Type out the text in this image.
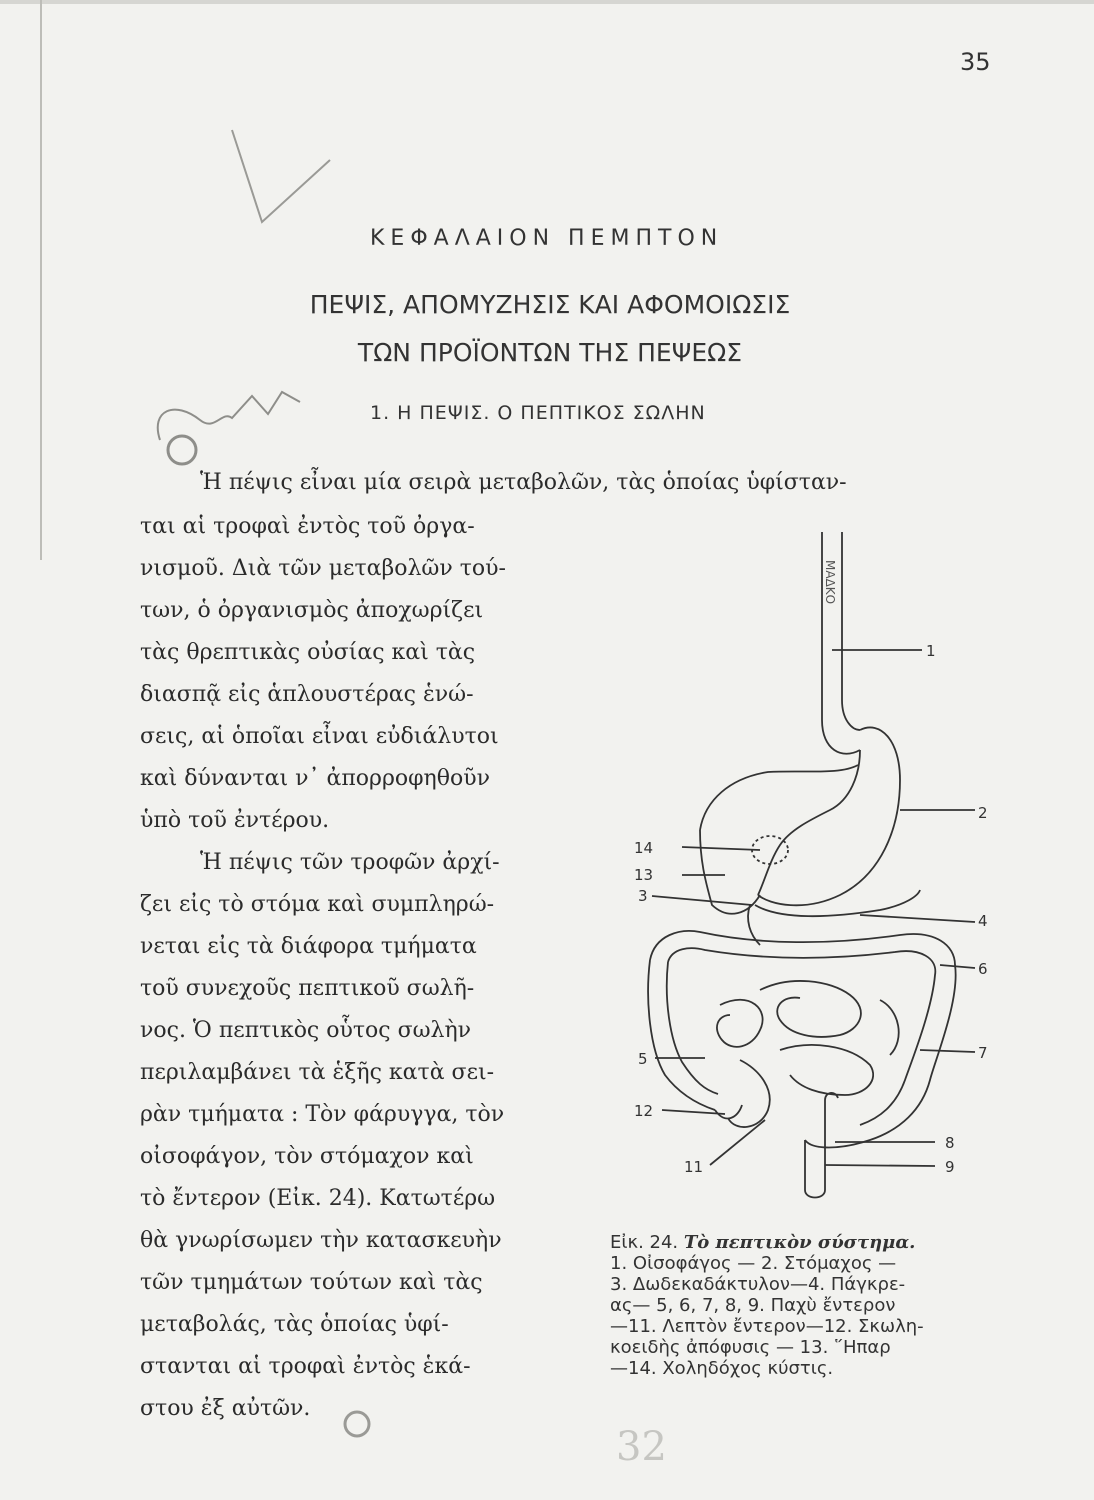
35
ΚΕΦΑΛΑΙΟΝ ΠΕΜΠΤΟΝ
ΠΕΨΙΣ, ΑΠΟΜΥΖΗΣΙΣ ΚΑΙ ΑΦΟΜΟΙΩΣΙΣ
ΤΩΝ ΠΡΟΪΟΝΤΩΝ ΤΗΣ ΠΕΨΕΩΣ
1. Η ΠΕΨΙΣ. Ο ΠΕΠΤΙΚΟΣ ΣΩΛΗΝ
Ἡ πέψις εἶναι μία σειρὰ μεταβολῶν, τὰς ὁποίας ὑφίσταν-
ται αἱ τροφαὶ ἐντὸς τοῦ ὀργα-
νισμοῦ. Διὰ τῶν μεταβολῶν τού-
των, ὁ ὀργανισμὸς ἀποχωρίζει
τὰς θρεπτικὰς οὐσίας καὶ τὰς
διασπᾷ εἰς ἁπλουστέρας ἑνώ-
σεις, αἱ ὁποῖαι εἶναι εὐδιάλυτοι
καὶ δύνανται ν᾽ ἀπορροφηθοῦν
ὑπὸ τοῦ ἐντέρου.
Ἡ πέψις τῶν τροφῶν ἀρχί-
ζει εἰς τὸ στόμα καὶ συμπληρώ-
νεται εἰς τὰ διάφορα τμήματα
τοῦ συνεχοῦς πεπτικοῦ σωλῆ-
νος. Ὁ πεπτικὸς οὗτος σωλὴν
περιλαμβάνει τὰ ἑξῆς κατὰ σει-
ρὰν τμήματα : Τὸν φάρυγγα, τὸν
οἰσοφάγον, τὸν στόμαχον καὶ
τὸ ἔντερον (Εἰκ. 24). Κατωτέρω
θὰ γνωρίσωμεν τὴν κατασκευὴν
τῶν τμημάτων τούτων καὶ τὰς
μεταβολάς, τὰς ὁποίας ὑφί-
στανται αἱ τροφαὶ ἐντὸς ἑκά-
στου ἐξ αὐτῶν.
32
ΜΑΔΚΟ
1
2
3
4
5
6
7
8
9
11
12
13
14
Εἰκ. 24. Τὸ πεπτικὸν σύστημα.
1. Οἰσοφάγος — 2. Στόμαχος —
3. Δωδεκαδάκτυλον—4. Πάγκρε-
ας— 5, 6, 7, 8, 9. Παχὺ ἔντερον
—11. Λεπτὸν ἔντερον—12. Σκωλη-
κοειδὴς ἀπόφυσις — 13. ῞Ηπαρ
—14. Χοληδόχος κύστις.
